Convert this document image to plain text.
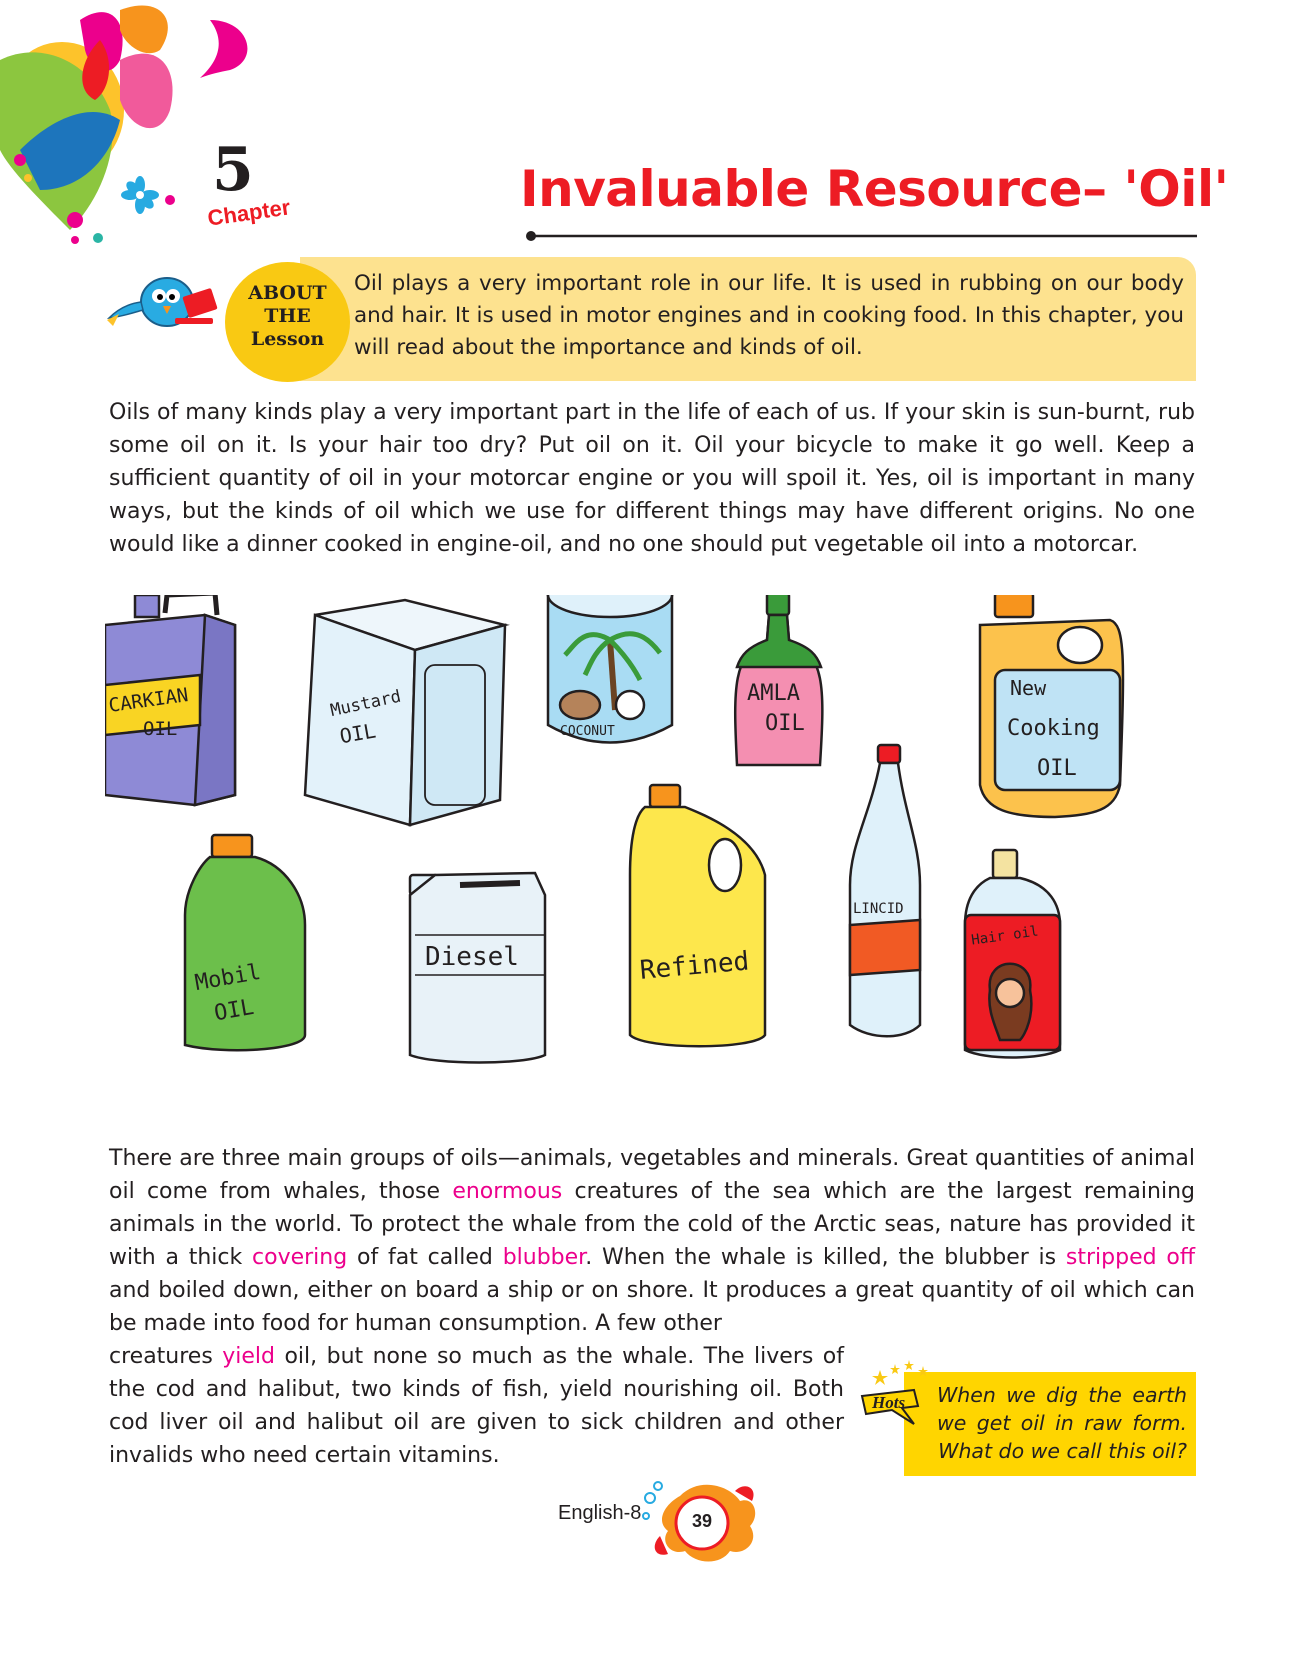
5
Chapter	Invaluable Resource– 'Oil'
ABOUT
THE
Lesson
Oil plays a very important role in our life. It is used in rubbing on our body and hair. It is used in motor engines and in cooking food. In this chapter, you will read about the importance and kinds of oil.
Oils of many kinds play a very important part in the life of each of us. If your skin is sun-burnt, rub some oil on it. Is your hair too dry? Put oil on it. Oil your bicycle to make it go well. Keep a sufficient quantity of oil in your motorcar engine or you will spoil it. Yes, oil is important in many ways, but the kinds of oil which we use for different things may have different origins. No one would like a dinner cooked in engine-oil, and no one should put vegetable oil into a motorcar.
CARKIAN
OIL
Mustard
OIL	COCONUT
AMLA
OIL
New
Cooking
OIL
LINCID
Mobil
OIL
Diesel	Refined
Hair oil
There are three main groups of oils—animals, vegetables and minerals. Great quantities of animal oil come from whales, those enormous creatures of the sea which are the largest remaining animals in the world. To protect the whale from the cold of the Arctic seas, nature has provided it with a thick covering of fat called blubber. When the whale is killed, the blubber is stripped off and boiled down, either on board a ship or on shore. It produces a great quantity of oil which can be made into food for human consumption. A few other
creatures yield oil, but none so much as the whale. The livers of the cod and halibut, two kinds of fish, yield nourishing oil. Both cod liver oil and halibut oil are given to sick children and other invalids who need certain vitamins.
Hots When we dig the earth we get oil in raw form. What do we call this oil?
English-8	39
